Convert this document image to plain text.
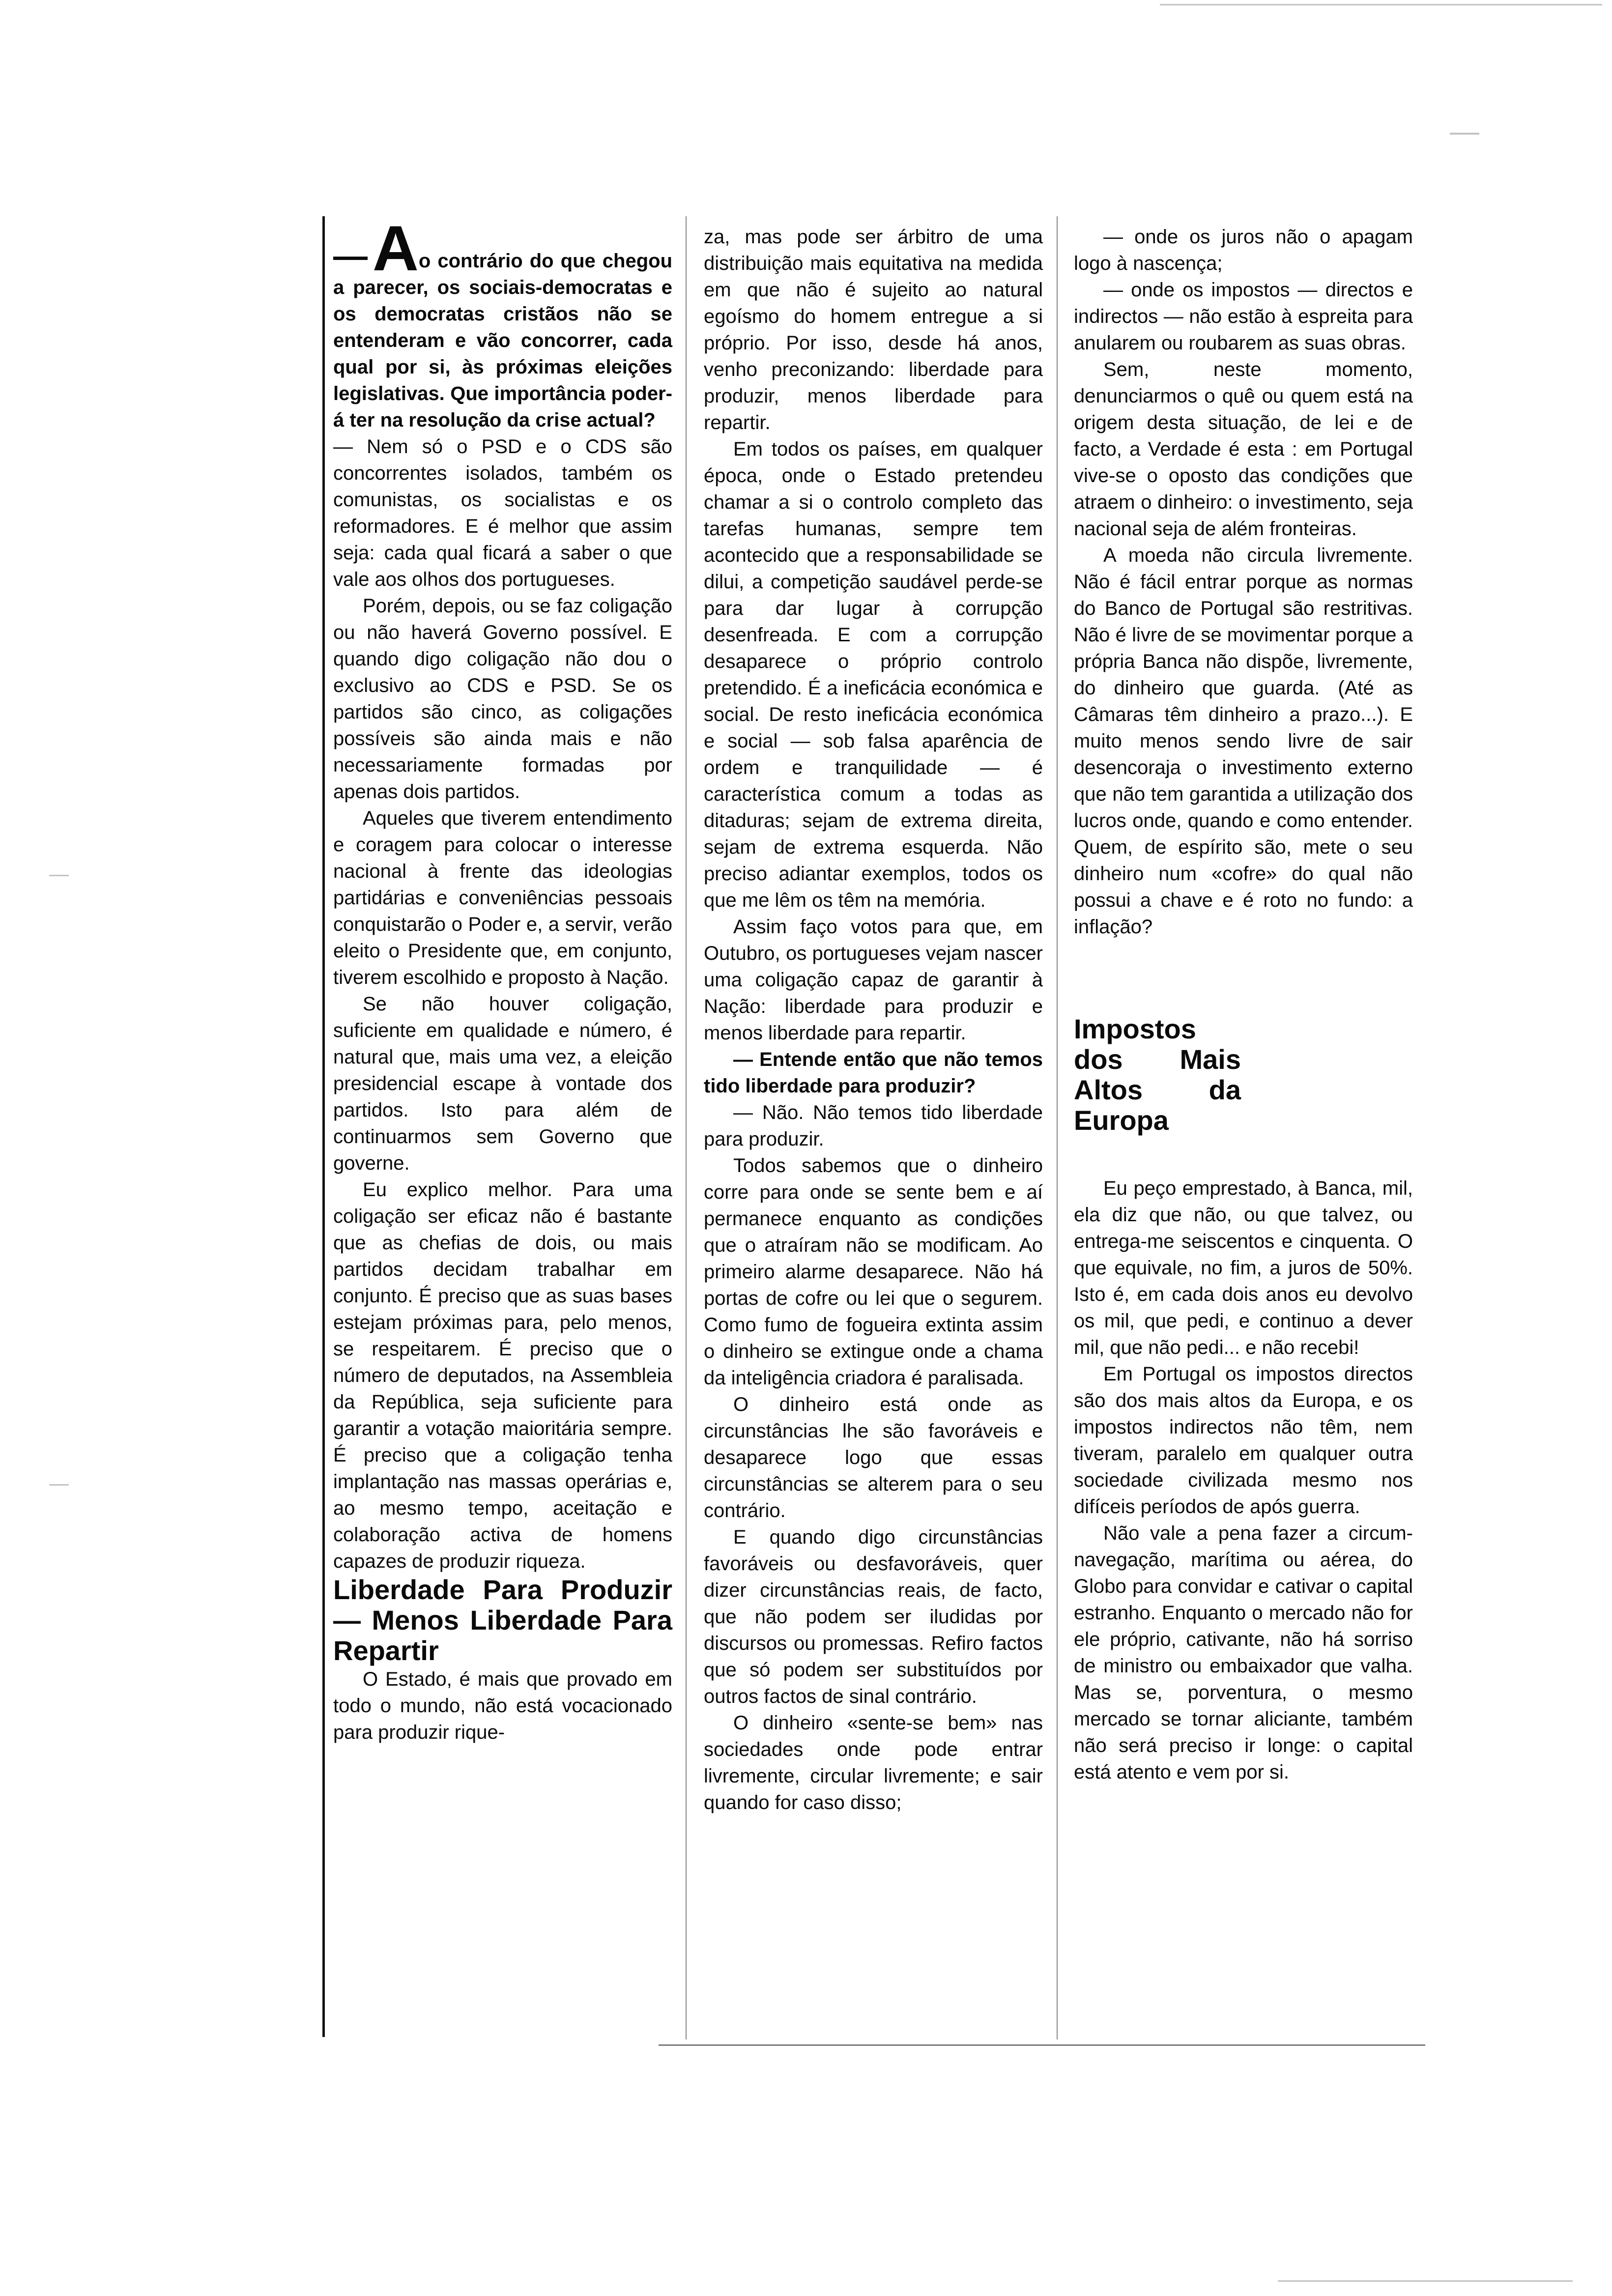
—Ao contrário do que chegou a parecer, os sociais-democratas e os democratas cristãos não se entenderam e vão concorrer, cada qual por si, às próximas eleições legislativas. Que importância poder-á ter na resolução da crise actual?

— Nem só o PSD e o CDS são concorrentes isolados, também os comunistas, os socialistas e os reformadores. E é melhor que assim seja: cada qual ficará a saber o que vale aos olhos dos portugueses.

Porém, depois, ou se faz coligação ou não haverá Governo possível. E quando digo coligação não dou o exclusivo ao CDS e PSD. Se os partidos são cinco, as coligações possíveis são ainda mais e não necessariamente formadas por apenas dois partidos.

Aqueles que tiverem entendimento e coragem para colocar o interesse nacional à frente das ideologias partidárias e conveniências pessoais conquistarão o Poder e, a servir, verão eleito o Presidente que, em conjunto, tiverem escolhido e proposto à Nação.

Se não houver coligação, suficiente em qualidade e número, é natural que, mais uma vez, a eleição presidencial escape à vontade dos partidos. Isto para além de continuarmos sem Governo que governe.

Eu explico melhor. Para uma coligação ser eficaz não é bastante que as chefias de dois, ou mais partidos decidam trabalhar em conjunto. É preciso que as suas bases estejam próximas para, pelo menos, se respeitarem. É preciso que o número de deputados, na Assembleia da República, seja suficiente para garantir a votação maioritária sempre. É preciso que a coligação tenha implantação nas massas operárias e, ao mesmo tempo, aceitação e colaboração activa de homens capazes de produzir riqueza.

Liberdade Para Produzir — Menos Liberdade Para Repartir

O Estado, é mais que provado em todo o mundo, não está vocacionado para produzir rique-

za, mas pode ser árbitro de uma distribuição mais equitativa na medida em que não é sujeito ao natural egoísmo do homem entregue a si próprio. Por isso, desde há anos, venho preconizando: liberdade para produzir, menos liberdade para repartir.

Em todos os países, em qualquer época, onde o Estado pretendeu chamar a si o controlo completo das tarefas humanas, sempre tem acontecido que a responsabilidade se dilui, a competição saudável perde-se para dar lugar à corrupção desenfreada. E com a corrupção desaparece o próprio controlo pretendido. É a ineficácia económica e social. De resto ineficácia económica e social — sob falsa aparência de ordem e tranquilidade — é característica comum a todas as ditaduras; sejam de extrema direita, sejam de extrema esquerda. Não preciso adiantar exemplos, todos os que me lêm os têm na memória.

Assim faço votos para que, em Outubro, os portugueses vejam nascer uma coligação capaz de garantir à Nação: liberdade para produzir e menos liberdade para repartir.

— Entende então que não temos tido liberdade para produzir?

— Não. Não temos tido liberdade para produzir.

Todos sabemos que o dinheiro corre para onde se sente bem e aí permanece enquanto as condições que o atraíram não se modificam. Ao primeiro alarme desaparece. Não há portas de cofre ou lei que o segurem. Como fumo de fogueira extinta assim o dinheiro se extingue onde a chama da inteligência criadora é paralisada.

O dinheiro está onde as circunstâncias lhe são favoráveis e desaparece logo que essas circunstâncias se alterem para o seu contrário.

E quando digo circunstâncias favoráveis ou desfavoráveis, quer dizer circunstâncias reais, de facto, que não podem ser iludidas por discursos ou promessas. Refiro factos que só podem ser substituídos por outros factos de sinal contrário.

O dinheiro «sente-se bem» nas sociedades onde pode entrar livremente, circular livremente; e sair quando for caso disso;

— onde os juros não o apagam logo à nascença;

— onde os impostos — directos e indirectos — não estão à espreita para anularem ou roubarem as suas obras.

Sem, neste momento, denunciarmos o quê ou quem está na origem desta situação, de lei e de facto, a Verdade é esta : em Portugal vive-se o oposto das condições que atraem o dinheiro: o investimento, seja nacional seja de além fronteiras.

A moeda não circula livremente. Não é fácil entrar porque as normas do Banco de Portugal são restritivas. Não é livre de se movimentar porque a própria Banca não dispõe, livremente, do dinheiro que guarda. (Até as Câmaras têm dinheiro a prazo...). E muito menos sendo livre de sair desencoraja o investimento externo que não tem garantida a utilização dos lucros onde, quando e como entender. Quem, de espírito são, mete o seu dinheiro num «cofre» do qual não possui a chave e é roto no fundo: a inflação?

Impostos dos Mais Altos da Europa

Eu peço emprestado, à Banca, mil, ela diz que não, ou que talvez, ou entrega-me seiscentos e cinquenta. O que equivale, no fim, a juros de 50%. Isto é, em cada dois anos eu devolvo os mil, que pedi, e continuo a dever mil, que não pedi... e não recebi!

Em Portugal os impostos directos são dos mais altos da Europa, e os impostos indirectos não têm, nem tiveram, paralelo em qualquer outra sociedade civilizada mesmo nos difíceis períodos de após guerra.

Não vale a pena fazer a circum-navegação, marítima ou aérea, do Globo para convidar e cativar o capital estranho. Enquanto o mercado não for ele próprio, cativante, não há sorriso de ministro ou embaixador que valha. Mas se, porventura, o mesmo mercado se tornar aliciante, também não será preciso ir longe: o capital está atento e vem por si.
